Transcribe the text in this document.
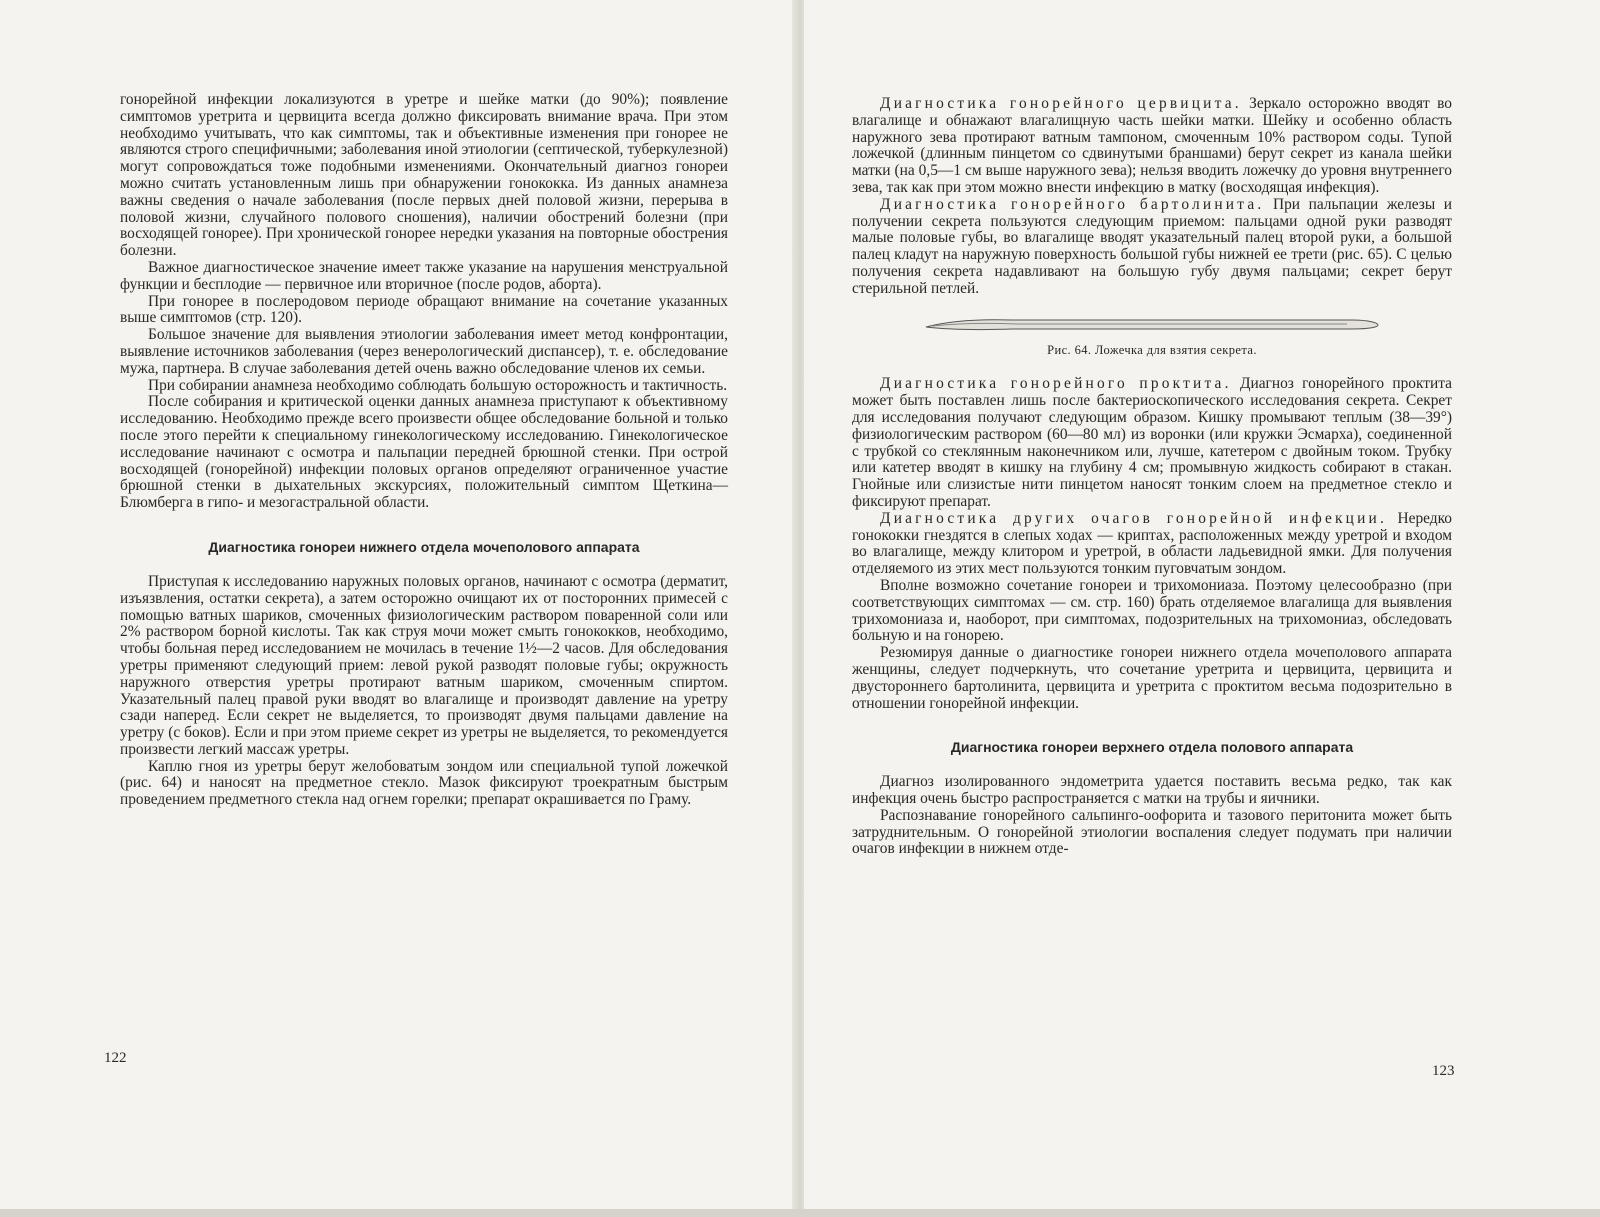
гонорейной инфекции локализуются в уретре и шейке матки (до 90%); появление симптомов уретрита и цервицита всегда должно фиксировать внимание врача. При этом необходимо учитывать, что как симптомы, так и объективные изменения при гонорее не являются строго специфичными; заболевания иной этиологии (септической, туберкулезной) могут сопровождаться тоже подобными изменениями. Окончательный диагноз гонореи можно считать установленным лишь при обнаружении гонококка. Из данных анамнеза важны сведения о начале заболевания (после первых дней половой жизни, перерыва в половой жизни, случайного полового сношения), наличии обострений болезни (при восходящей гонорее). При хронической гонорее нередки указания на повторные обострения болезни.

Важное диагностическое значение имеет также указание на нарушения менструальной функции и бесплодие — первичное или вторичное (после родов, аборта).

При гонорее в послеродовом периоде обращают внимание на сочетание указанных выше симптомов (стр. 120).

Большое значение для выявления этиологии заболевания имеет метод конфронтации, выявление источников заболевания (через венерологический диспансер), т. е. обследование мужа, партнера. В случае заболевания детей очень важно обследование членов их семьи.

При собирании анамнеза необходимо соблюдать большую осторожность и тактичность.

После собирания и критической оценки данных анамнеза приступают к объективному исследованию. Необходимо прежде всего произвести общее обследование больной и только после этого перейти к специальному гинекологическому исследованию. Гинекологическое исследование начинают с осмотра и пальпации передней брюшной стенки. При острой восходящей (гонорейной) инфекции половых органов определяют ограниченное участие брюшной стенки в дыхательных экскурсиях, положительный симптом Щеткина—Блюмберга в гипо- и мезогастральной области.

Диагностика гонореи нижнего отдела мочеполового аппарата

Приступая к исследованию наружных половых органов, начинают с осмотра (дерматит, изъязвления, остатки секрета), а затем осторожно очищают их от посторонних примесей с помощью ватных шариков, смоченных физиологическим раствором поваренной соли или 2% раствором борной кислоты. Так как струя мочи может смыть гонококков, необходимо, чтобы больная перед исследованием не мочилась в течение 1½—2 часов. Для обследования уретры применяют следующий прием: левой рукой разводят половые губы; окружность наружного отверстия уретры протирают ватным шариком, смоченным спиртом. Указательный палец правой руки вводят во влагалище и производят давление на уретру сзади наперед. Если секрет не выделяется, то производят двумя пальцами давление на уретру (с боков). Если и при этом приеме секрет из уретры не выделяется, то рекомендуется произвести легкий массаж уретры.

Каплю гноя из уретры берут желобоватым зондом или специальной тупой ложечкой (рис. 64) и наносят на предметное стекло. Мазок фиксируют троекратным быстрым проведением предметного стекла над огнем горелки; препарат окрашивается по Граму.

122

Диагностика гонорейного цервицита. Зеркало осторожно вводят во влагалище и обнажают влагалищную часть шейки матки. Шейку и особенно область наружного зева протирают ватным тампоном, смоченным 10% раствором соды. Тупой ложечкой (длинным пинцетом со сдвинутыми браншами) берут секрет из канала шейки матки (на 0,5—1 см выше наружного зева); нельзя вводить ложечку до уровня внутреннего зева, так как при этом можно внести инфекцию в матку (восходящая инфекция).

Диагностика гонорейного бартолинита. При пальпации железы и получении секрета пользуются следующим приемом: пальцами одной руки разводят малые половые губы, во влагалище вводят указательный палец второй руки, а большой палец кладут на наружную поверхность большой губы нижней ее трети (рис. 65). С целью получения секрета надавливают на большую губу двумя пальцами; секрет берут стерильной петлей.

Рис. 64. Ложечка для взятия секрета.

Диагностика гонорейного проктита. Диагноз гонорейного проктита может быть поставлен лишь после бактериоскопического исследования секрета. Секрет для исследования получают следующим образом. Кишку промывают теплым (38—39°) физиологическим раствором (60—80 мл) из воронки (или кружки Эсмарха), соединенной с трубкой со стеклянным наконечником или, лучше, катетером с двойным током. Трубку или катетер вводят в кишку на глубину 4 см; промывную жидкость собирают в стакан. Гнойные или слизистые нити пинцетом наносят тонким слоем на предметное стекло и фиксируют препарат.

Диагностика других очагов гонорейной инфекции. Нередко гонококки гнездятся в слепых ходах — криптах, расположенных между уретрой и входом во влагалище, между клитором и уретрой, в области ладьевидной ямки. Для получения отделяемого из этих мест пользуются тонким пуговчатым зондом.

Вполне возможно сочетание гонореи и трихомониаза. Поэтому целесообразно (при соответствующих симптомах — см. стр. 160) брать отделяемое влагалища для выявления трихомониаза и, наоборот, при симптомах, подозрительных на трихомониаз, обследовать больную и на гонорею.

Резюмируя данные о диагностике гонореи нижнего отдела мочеполового аппарата женщины, следует подчеркнуть, что сочетание уретрита и цервицита, цервицита и двустороннего бартолинита, цервицита и уретрита с проктитом весьма подозрительно в отношении гонорейной инфекции.

Диагностика гонореи верхнего отдела полового аппарата

Диагноз изолированного эндометрита удается поставить весьма редко, так как инфекция очень быстро распространяется с матки на трубы и яичники.

Распознавание гонорейного сальпинго-оофорита и тазового перитонита может быть затруднительным. О гонорейной этиологии воспаления следует подумать при наличии очагов инфекции в нижнем отде-

123
